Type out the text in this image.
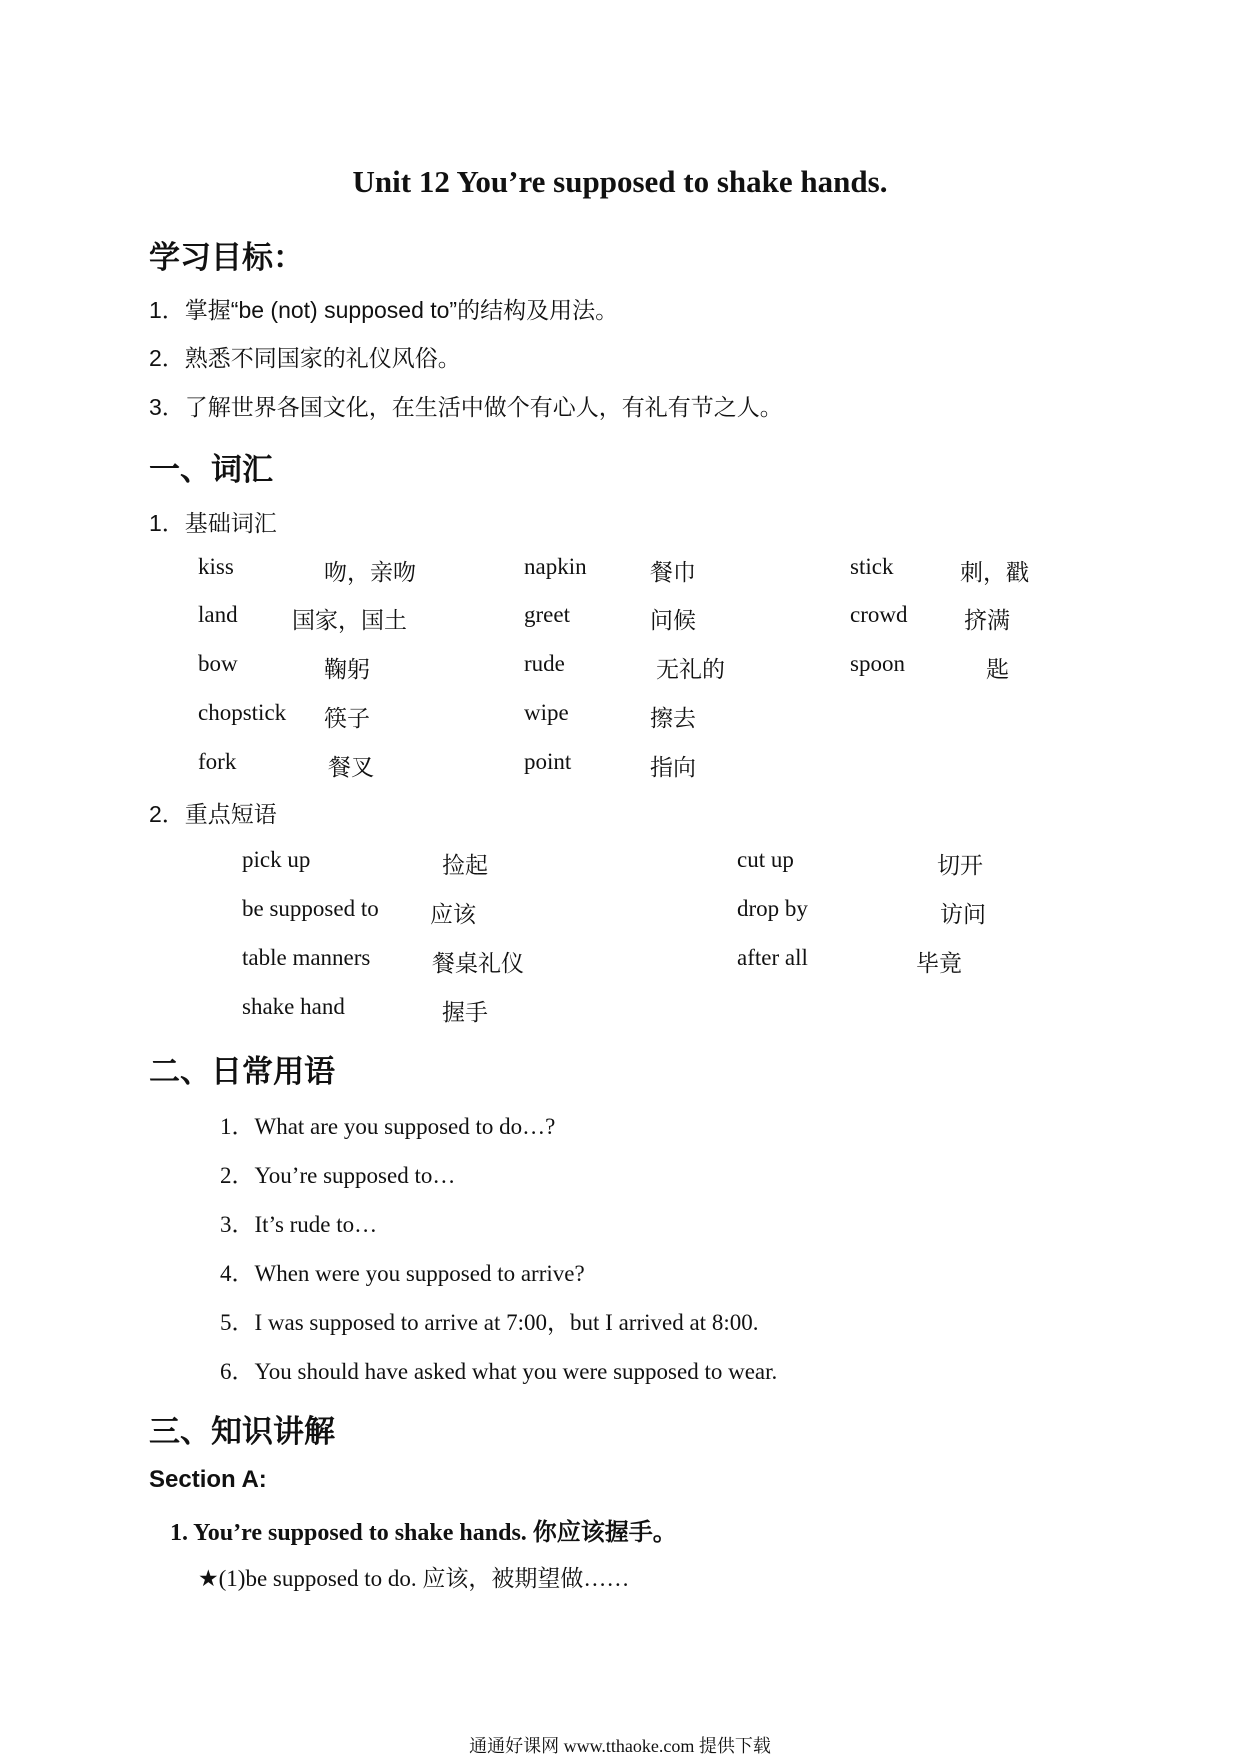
Unit 12 You’re supposed to shake hands.
学习目标：
1．掌握“be (not) supposed to”的结构及用法。
2．熟悉不同国家的礼仪风俗。
3．了解世界各国文化，在生活中做个有心人，有礼有节之人。
一、词汇
1．基础词汇
kiss	吻，亲吻	napkin	餐巾	stick	刺，戳
land 国家，国土	greet	问候	crowd 挤满
bow	鞠躬	rude	无礼的	spoon	匙
chopstick 筷子	wipe	擦去
fork	餐叉	point	指向
2．重点短语
pick up	捡起	cut up	切开
be supposed to 应该	drop by	访问
table manners	餐桌礼仪	after all	毕竟
shake hand	握手
二、日常用语
1．What are you supposed to do…?
2．You’re supposed to…
3．It’s rude to…
4．When were you supposed to arrive?
5．I was supposed to arrive at 7:00，but I arrived at 8:00.
6．You should have asked what you were supposed to wear.
三、知识讲解
Section A:
1. You’re supposed to shake hands. 你应该握手。
★(1)be supposed to do. 应该，被期望做……
通通好课网 www.tthaoke.com 提供下载
